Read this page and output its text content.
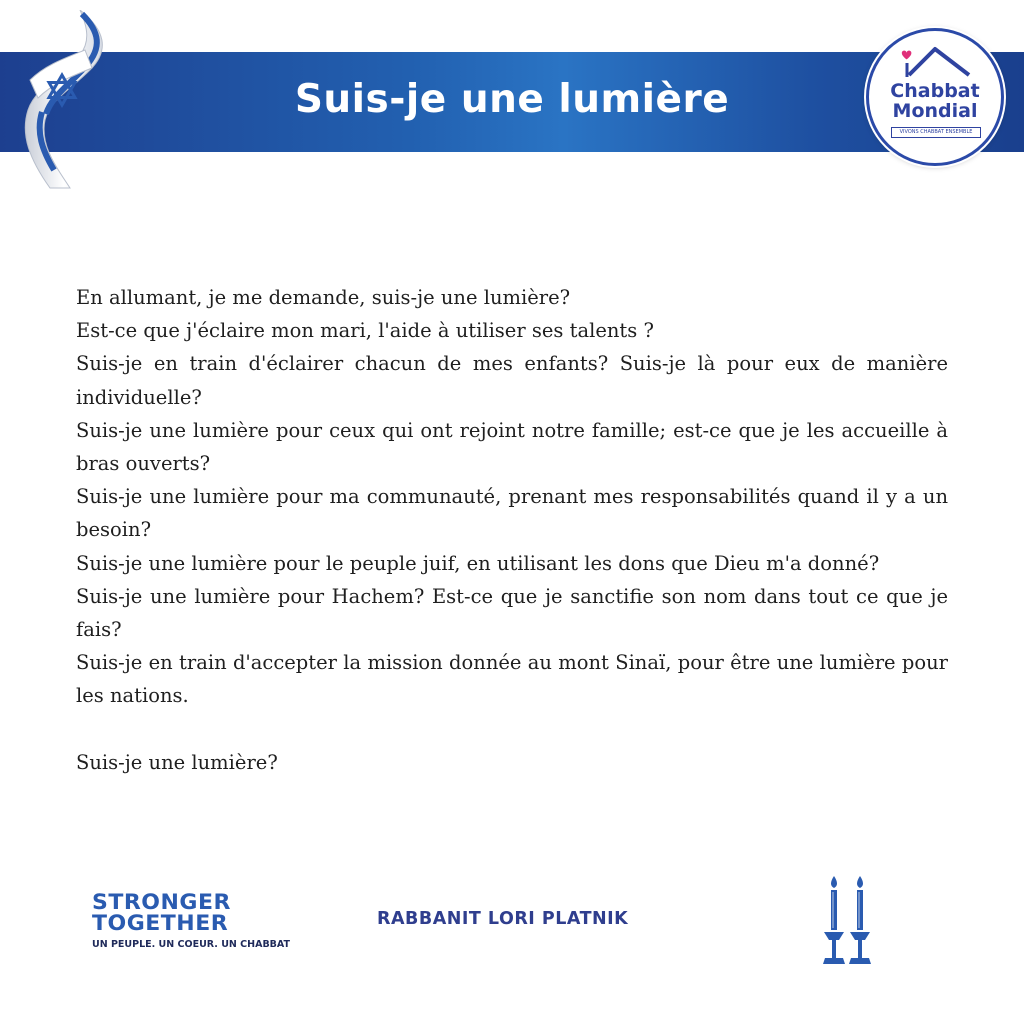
Suis-je une lumière	Chabbat
Mondial
VIVONS CHABBAT ENSEMBLE
En allumant, je me demande, suis-je une lumière?
Est-ce que j'éclaire mon mari, l'aide à utiliser ses talents ?
Suis-je en train d'éclairer chacun de mes enfants? Suis-je là pour eux de manière individuelle?
Suis-je une lumière pour ceux qui ont rejoint notre famille; est-ce que je les accueille à bras ouverts?
Suis-je une lumière pour ma communauté, prenant mes responsabilités quand il y a un besoin?
Suis-je une lumière pour le peuple juif, en utilisant les dons que Dieu m'a donné?
Suis-je une lumière pour Hachem? Est-ce que je sanctifie son nom dans tout ce que je fais?
Suis-je en train d'accepter la mission donnée au mont Sinaï, pour être une lumière pour les nations.
Suis-je une lumière?
STRONGER
TOGETHER
UN PEUPLE. UN COEUR. UN CHABBAT
RABBANIT LORI PLATNIK
